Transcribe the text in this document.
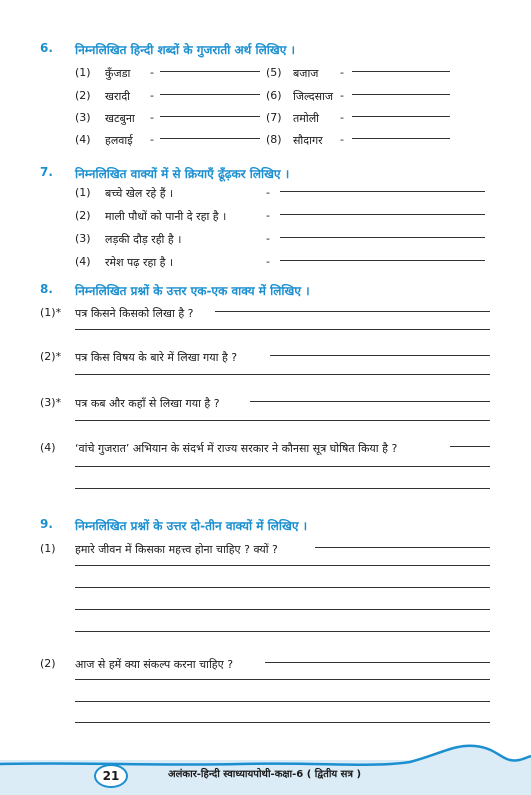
6. निम्नलिखित हिन्दी शब्दों के गुजराती अर्थ लिखिए ।
(1) कुँजडा -
(2) खरादी -
(3) खटबुना -
(4) हलवाई -
(5) बजाज -
(6) जिल्दसाज -
(7) तमोली -
(8) सौदागर -
7. निम्नलिखित वाक्यों में से क्रियाएँ ढूँढ़कर लिखिए ।
(1) बच्चे खेल रहे हैं ।	-
(2) माली पौधों को पानी दे रहा है ।	-
(3) लड़की दौड़ रही है ।	-
(4) रमेश पढ़ रहा है ।	-
8. निम्नलिखित प्रश्नों के उत्तर एक-एक वाक्य में लिखिए ।
(1)* पत्र किसने किसको लिखा है ?
(2)* पत्र किस विषय के बारे में लिखा गया है ?
(3)* पत्र कब और कहाँ से लिखा गया है ?
(4) ‘वांचे गुजरात’ अभियान के संदर्भ में राज्य सरकार ने कौनसा सूत्र घोषित किया है ?
9. निम्नलिखित प्रश्नों के उत्तर दो-तीन वाक्यों में लिखिए ।
(1) हमारे जीवन में किसका महत्त्व होना चाहिए ? क्यों ?
(2) आज से हमें क्या संकल्प करना चाहिए ?
21	अलंकार-हिन्दी स्वाध्यायपोथी-कक्षा-6 ( द्वितीय सत्र )
